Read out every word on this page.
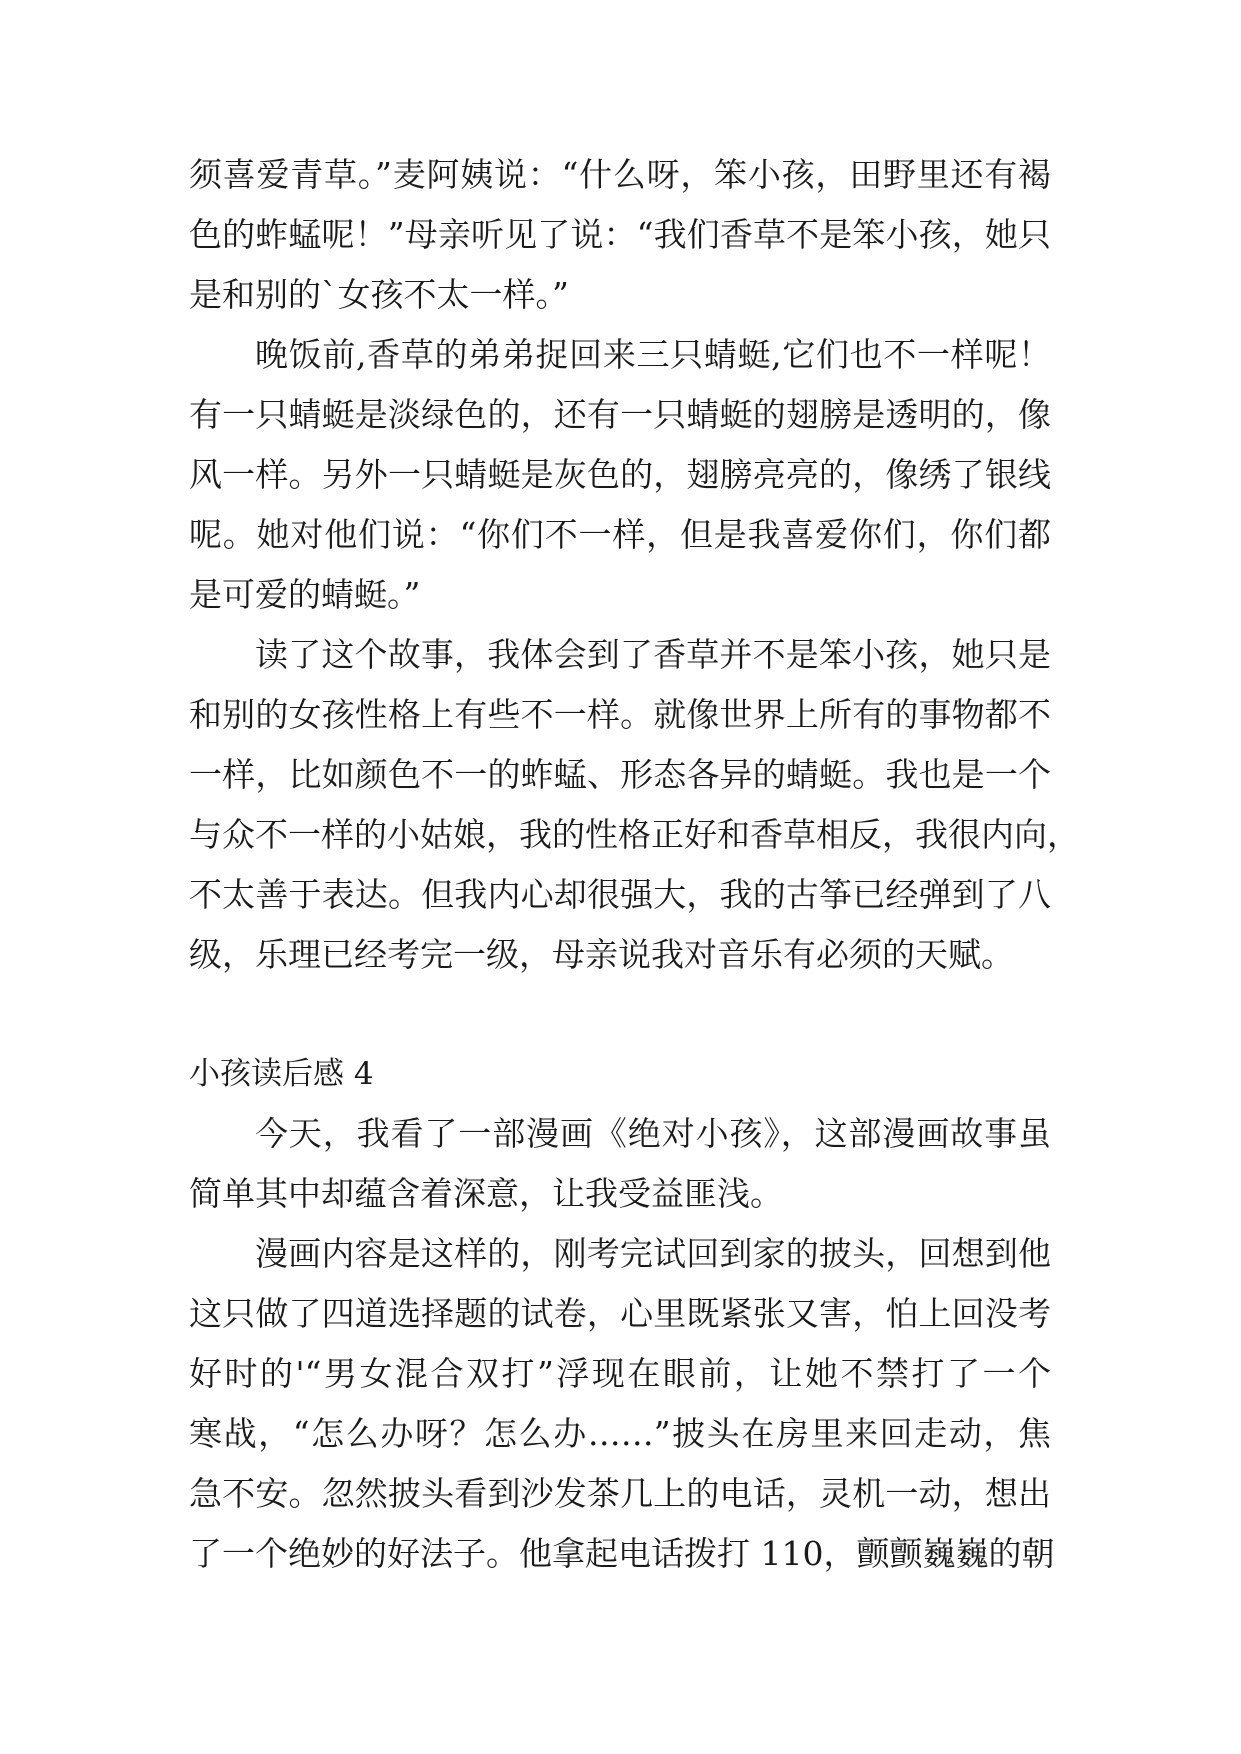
须喜爱青草。”麦阿姨说：“什么呀，笨小孩，田野里还有褐
色的蚱蜢呢！”母亲听见了说：“我们香草不是笨小孩，她只
是和别的`女孩不太一样。”
晚饭前,香草的弟弟捉回来三只蜻蜓,它们也不一样呢！
有一只蜻蜓是淡绿色的，还有一只蜻蜓的翅膀是透明的，像
风一样。另外一只蜻蜓是灰色的，翅膀亮亮的，像绣了银线
呢。她对他们说：“你们不一样，但是我喜爱你们，你们都
是可爱的蜻蜓。”
读了这个故事，我体会到了香草并不是笨小孩，她只是
和别的女孩性格上有些不一样。就像世界上所有的事物都不
一样，比如颜色不一的蚱蜢、形态各异的蜻蜓。我也是一个
与众不一样的小姑娘，我的性格正好和香草相反，我很内向，
不太善于表达。但我内心却很强大，我的古筝已经弹到了八
级，乐理已经考完一级，母亲说我对音乐有必须的天赋。
小孩读后感 4
今天，我看了一部漫画《绝对小孩》，这部漫画故事虽
简单其中却蕴含着深意，让我受益匪浅。
漫画内容是这样的，刚考完试回到家的披头，回想到他
这只做了四道选择题的试卷，心里既紧张又害，怕上回没考
好时的'“男女混合双打”浮现在眼前，让她不禁打了一个
寒战，“怎么办呀？怎么办……”披头在房里来回走动，焦
急不安。忽然披头看到沙发茶几上的电话，灵机一动，想出
了一个绝妙的好法子。他拿起电话拨打 110，颤颤巍巍的朝
